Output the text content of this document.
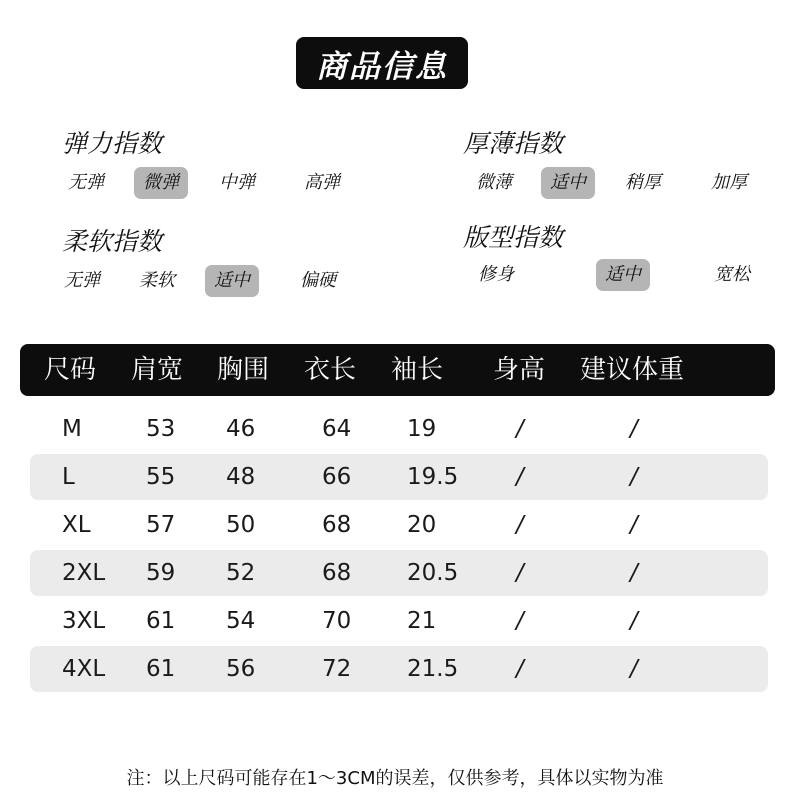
商品信息
弹力指数
无弹	微弹	中弹	高弹
厚薄指数
微薄	适中	稍厚	加厚
柔软指数
无弹	柔软	适中	偏硬
版型指数
修身	适中	宽松
尺码 肩宽 胸围 衣长 袖长 身高 建议体重
M	53 46	64 19	/	/
L	55 48	66 19.5	/	/
XL 57 50	68 20	/	/
2XL 59 52	68 20.5	/	/
3XL 61 54	70 21	/	/
4XL 61 56	72 21.5	/	/
注：以上尺码可能存在1～3CM的误差，仅供参考，具体以实物为准
